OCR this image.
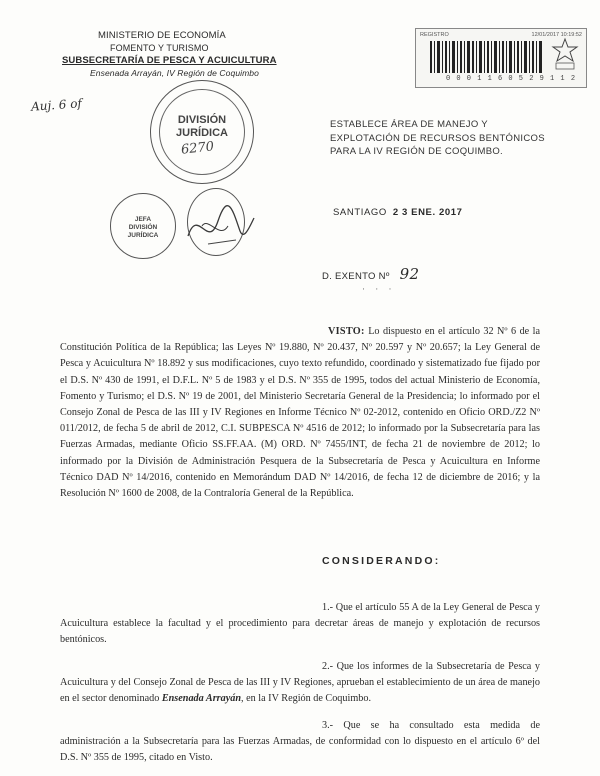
MINISTERIO DE ECONOMÍA
FOMENTO Y TURISMO
SUBSECRETARÍA DE PESCA Y ACUICULTURA
Ensenada Arrayán, IV Región de Coquimbo
Auj. 6 of
DIVISIÓN
JURÍDICA
6270
JEFA
DIVISIÓN
JURÍDICA
REGISTRO	12/01/2017 10:19:52
0 0 0 1 1 6 0 5 2 9 1 1 2
ESTABLECE ÁREA DE MANEJO Y EXPLOTACIÓN DE RECURSOS BENTÓNICOS PARA LA IV REGIÓN DE COQUIMBO.
SANTIAGO 2 3 ENE. 2017
D. EXENTO Nº 92
· · ·
VISTO: Lo dispuesto en el artículo 32 Nº 6 de la Constitución Política de la República; las Leyes Nº 19.880, Nº 20.437, Nº 20.597 y Nº 20.657; la Ley General de Pesca y Acuicultura Nº 18.892 y sus modificaciones, cuyo texto refundido, coordinado y sistematizado fue fijado por el D.S. Nº 430 de 1991, el D.F.L. Nº 5 de 1983 y el D.S. Nº 355 de 1995, todos del actual Ministerio de Economía, Fomento y Turismo; el D.S. Nº 19 de 2001, del Ministerio Secretaría General de la Presidencia; lo informado por el Consejo Zonal de Pesca de las III y IV Regiones en Informe Técnico Nº 02-2012, contenido en Oficio ORD./Z2 Nº 011/2012, de fecha 5 de abril de 2012, C.I. SUBPESCA Nº 4516 de 2012; lo informado por la Subsecretaría para las Fuerzas Armadas, mediante Oficio SS.FF.AA. (M) ORD. Nº 7455/INT, de fecha 21 de noviembre de 2012; lo informado por la División de Administración Pesquera de la Subsecretaría de Pesca y Acuicultura en Informe Técnico DAD Nº 14/2016, contenido en Memorándum DAD Nº 14/2016, de fecha 12 de diciembre de 2016; y la Resolución Nº 1600 de 2008, de la Contraloría General de la República.
CONSIDERANDO:
1.- Que el artículo 55 A de la Ley General de Pesca y Acuicultura establece la facultad y el procedimiento para decretar áreas de manejo y explotación de recursos bentónicos.
2.- Que los informes de la Subsecretaría de Pesca y Acuicultura y del Consejo Zonal de Pesca de las III y IV Regiones, aprueban el establecimiento de un área de manejo en el sector denominado Ensenada Arrayán, en la IV Región de Coquimbo.
3.- Que se ha consultado esta medida de administración a la Subsecretaría para las Fuerzas Armadas, de conformidad con lo dispuesto en el artículo 6º del D.S. Nº 355 de 1995, citado en Visto.
